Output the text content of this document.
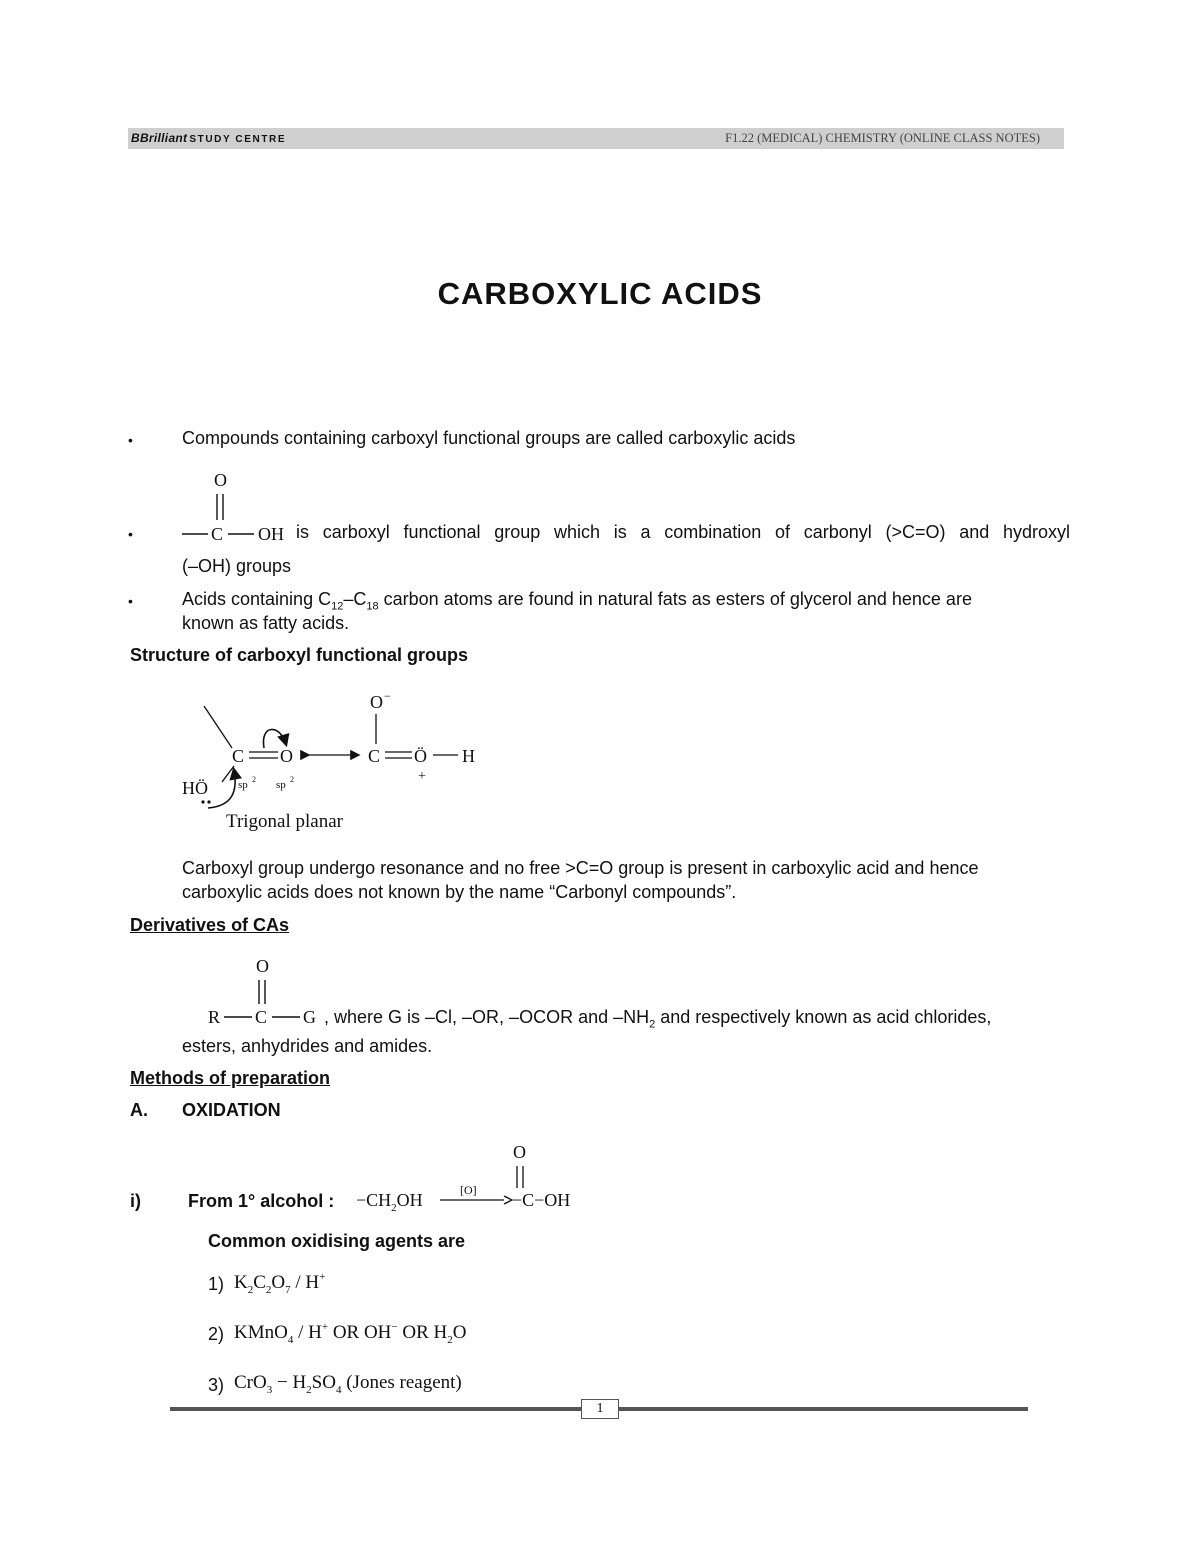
BBrilliant STUDY CENTRE	F1.22 (MEDICAL) CHEMISTRY (ONLINE CLASS NOTES)
CARBOXYLIC ACIDS
•	Compounds containing carboxyl functional groups are called carboxylic acids
O
C OH
•	is carboxyl functional group which is a combination of carbonyl (>C=O) and hydroxyl
(–OH) groups
•	Acids containing $C_{12}-C_{18}$ carbon atoms are found in natural fats as esters of glycerol and hence are
known as fatty acids.
Structure of carboxyl functional groups
C O
sp 2 sp 2
HÖ
O −
C Ö H
+
Trigonal planar
Carboxyl group undergo resonance and no free >C=O group is present in carboxylic acid and hence
carboxylic acids does not known by the name “Carbonyl compounds”.
Derivatives of CAs
O
R C G , where G is –Cl, –OR, –OCOR and $-NH_2$ and respectively known as acid chlorides,
esters, anhydrides and amides.
Methods of preparation
A. OXIDATION
i)	From 1° alcohol : $-CH_2OH$	[O] −C−OH
O
Common oxidising agents are
1) $K_2C_2O_7 / H^+$
2) KMnO$_4$ / H+ OR OH− OR $H_2O$
3) $CrO_3 - H_2SO_4$ (Jones reagent)
1
